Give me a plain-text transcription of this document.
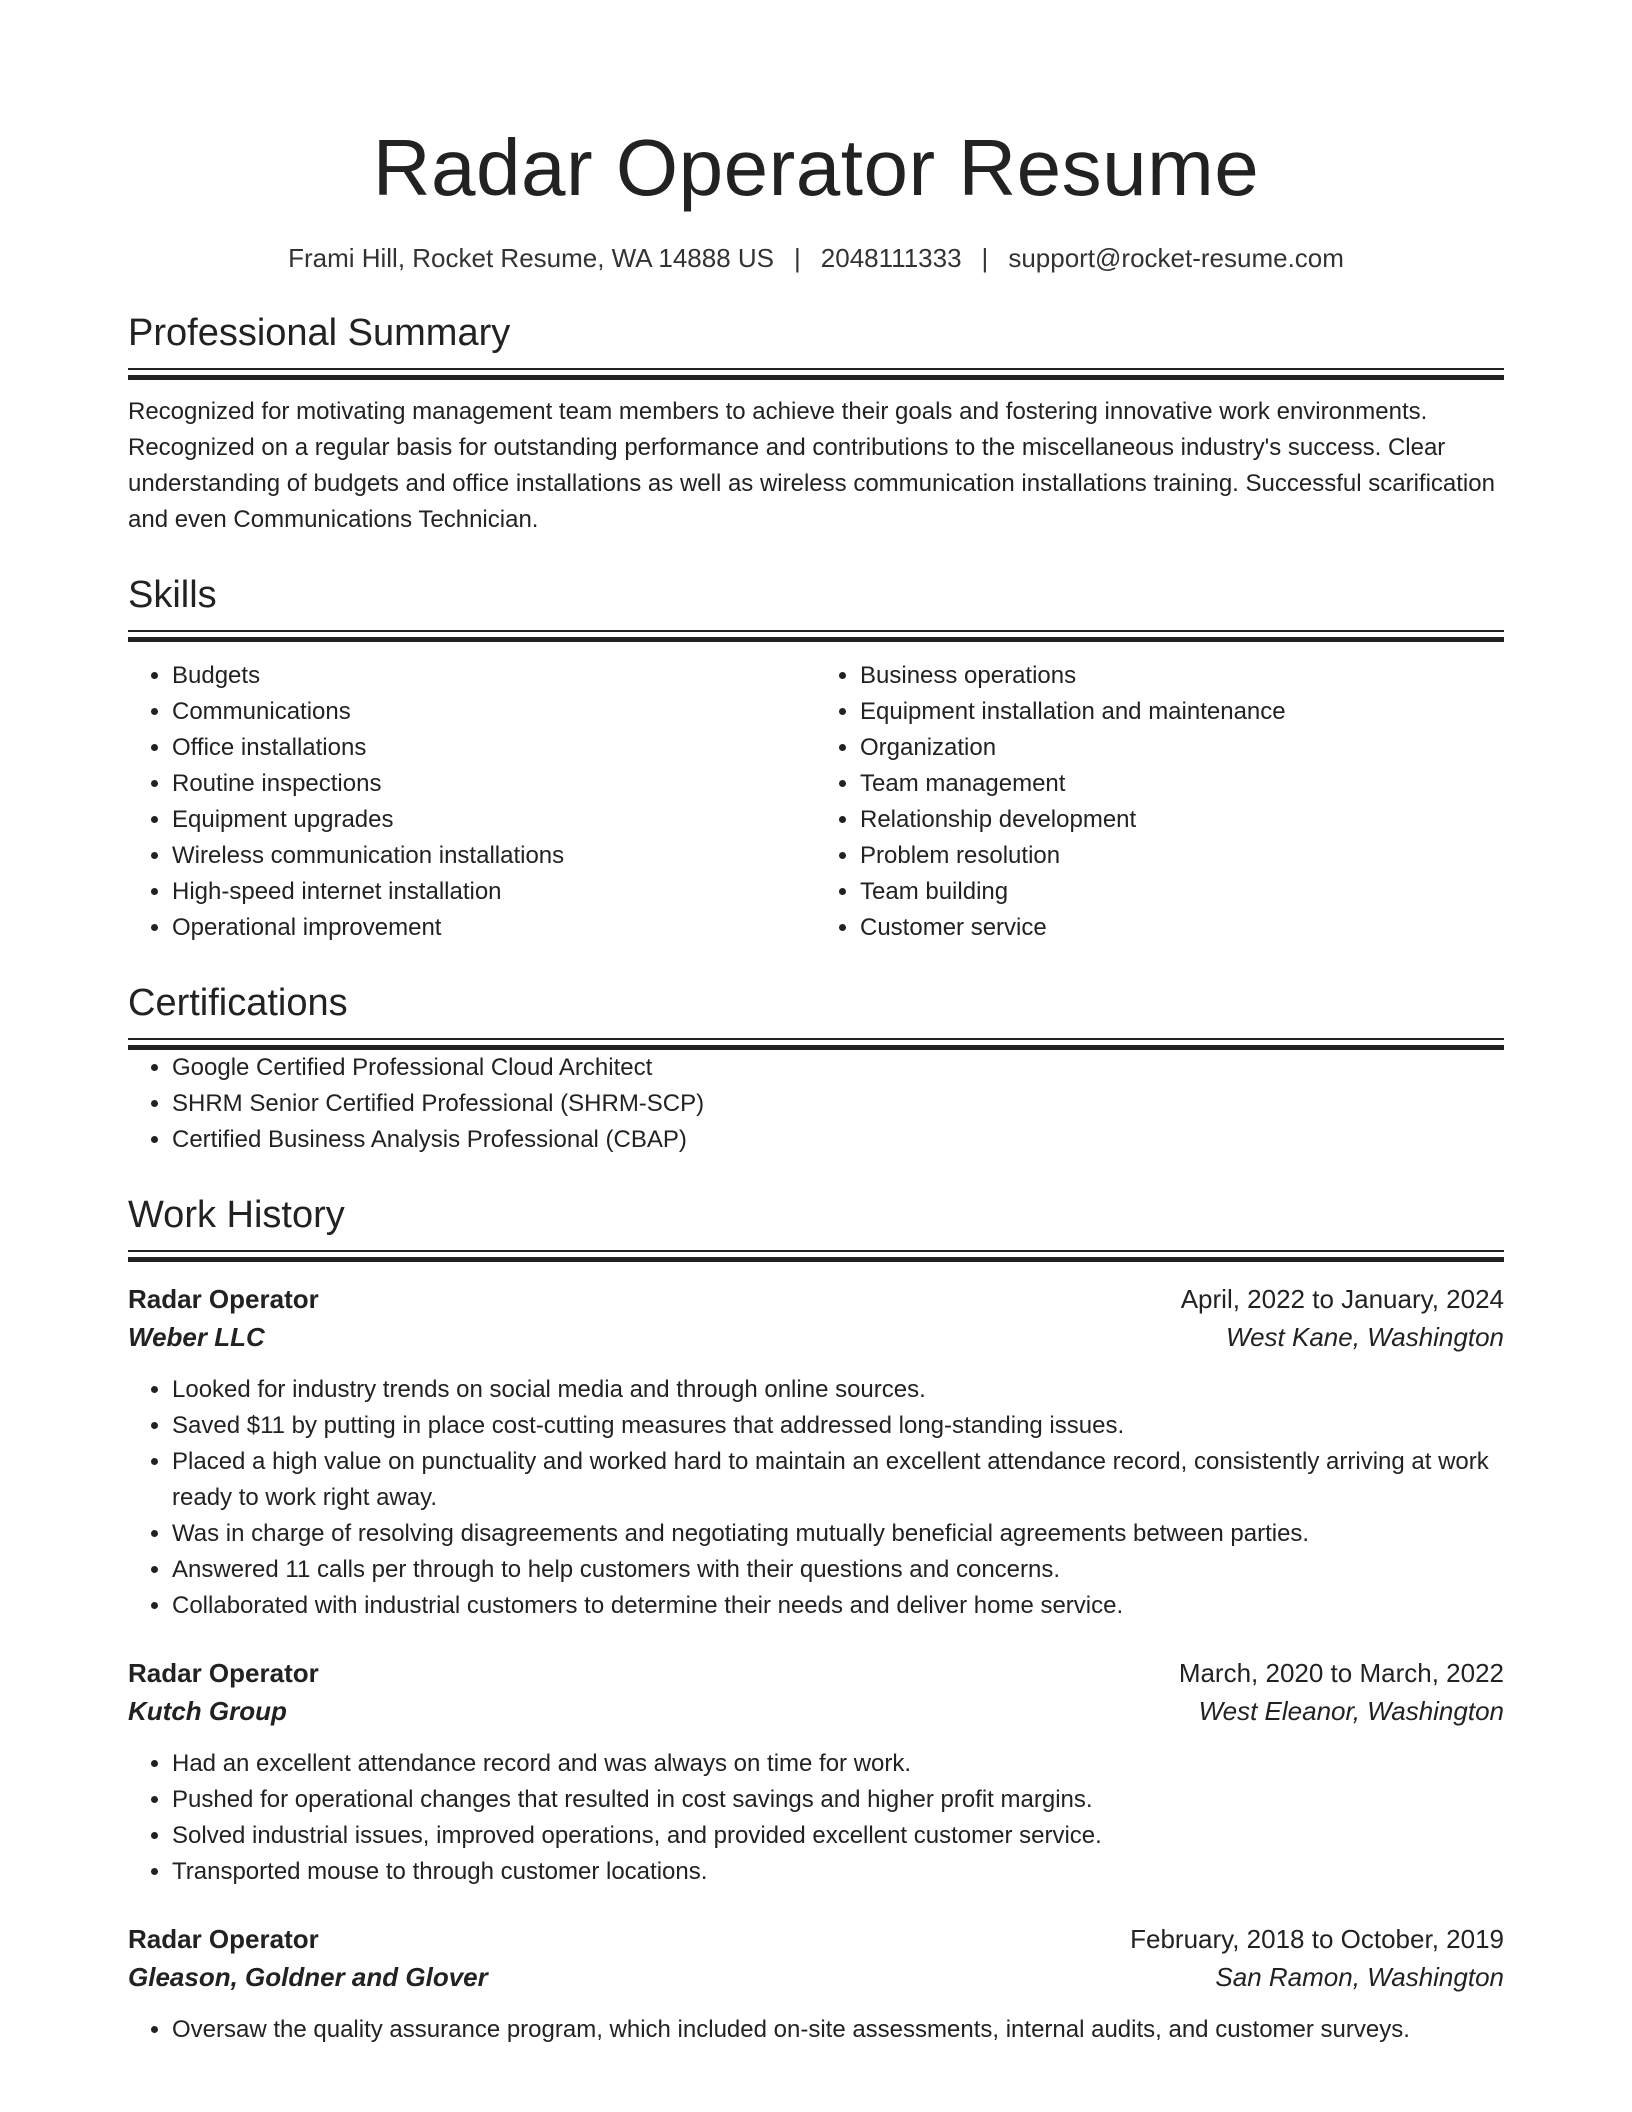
Radar Operator Resume
Frami Hill, Rocket Resume, WA 14888 US | 2048111333 | support@rocket-resume.com
Professional Summary
Recognized for motivating management team members to achieve their goals and fostering innovative work environments. Recognized on a regular basis for outstanding performance and contributions to the miscellaneous industry's success. Clear understanding of budgets and office installations as well as wireless communication installations training. Successful scarification and even Communications Technician.
Skills
• Budgets
• Communications
• Office installations
• Routine inspections
• Equipment upgrades
• Wireless communication installations
• High-speed internet installation
• Operational improvement
• Business operations
• Equipment installation and maintenance
• Organization
• Team management
• Relationship development
• Problem resolution
• Team building
• Customer service
Certifications
• Google Certified Professional Cloud Architect
• SHRM Senior Certified Professional (SHRM-SCP)
• Certified Business Analysis Professional (CBAP)
Work History
Radar Operator	April, 2022 to January, 2024
Weber LLC	West Kane, Washington
• Looked for industry trends on social media and through online sources.
• Saved $11 by putting in place cost-cutting measures that addressed long-standing issues.
• Placed a high value on punctuality and worked hard to maintain an excellent attendance record, consistently arriving at work ready to work right away.
• Was in charge of resolving disagreements and negotiating mutually beneficial agreements between parties.
• Answered 11 calls per through to help customers with their questions and concerns.
• Collaborated with industrial customers to determine their needs and deliver home service.
Radar Operator	March, 2020 to March, 2022
Kutch Group	West Eleanor, Washington
• Had an excellent attendance record and was always on time for work.
• Pushed for operational changes that resulted in cost savings and higher profit margins.
• Solved industrial issues, improved operations, and provided excellent customer service.
• Transported mouse to through customer locations.
Radar Operator	February, 2018 to October, 2019
Gleason, Goldner and Glover	San Ramon, Washington
• Oversaw the quality assurance program, which included on-site assessments, internal audits, and customer surveys.
